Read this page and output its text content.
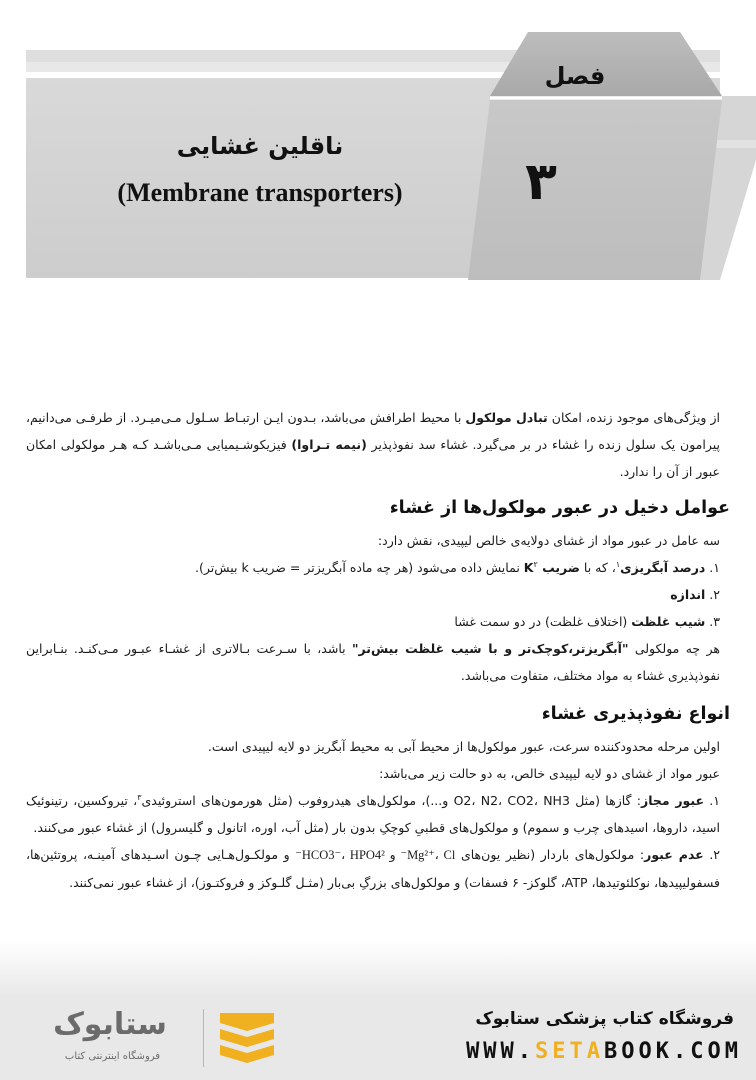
فصل
۳
ناقلین غشایی
(Membrane transporters)

از ویژگی‌های موجود زنده، امکان تبادل مولکول با محیط اطرافش می‌باشد، بـدون ایـن ارتبـاط سـلول مـی‌میـرد. از طرفـی می‌دانیم، پیرامون یک سلول زنده را غشاء در بر می‌گیرد. غشاء سد نفوذپذیر (نیمه تـراوا) فیزیکوشـیمیایی مـی‌باشـد کـه هـر مولکولی امکان عبور از آن را ندارد.

عوامل دخیل در عبور مولکول‌ها از غشاء

سه عامل در عبور مواد از غشای دولایه‌ی خالص لیپیدی، نقش دارد:

۱. درصد آبگریزی$^۱$، که با ضریب $K^۲$ نمایش داده می‌شود (هر چه ماده آبگریزتر = ضریب k بیش‌تر).

۲. اندازه

۳. شیب غلظت (اختلاف غلظت) در دو سمت غشا

هر چه مولکولی "آبگریزتر،کوچک‌تر و با شیب غلظت بیش‌تر" باشد، با سـرعت بـالاتری از غشـاء عبـور مـی‌کنـد. بنـابراین نفوذپذیری غشاء به مواد مختلف، متفاوت می‌باشد.

انواع نفوذپذیری غشاء

اولین مرحله محدودکننده سرعت، عبور مولکول‌ها از محیط آبی به محیط آبگریز دو لایه لیپیدی است.

عبور مواد از غشای دو لایه لیپیدی خالص، به دو حالت زیر می‌باشد:

۱. عبور مجاز: گازها (مثل O2، N2، CO2، NH3 و...)، مولکول‌های هیدروفوب (مثل هورمون‌های استروئیدی$^۳$، تیروکسین، رتینوئیک اسید، داروها، اسیدهای چرب و سموم) و مولکول‌های قطبیِ کوچکِ بدون بار (مثل آب، اوره، اتانول و گلیسرول) از غشاء عبور می‌کنند.

۲. عدم عبور: مولکول‌های باردار (نظیر یون‌های Mg²⁺، Cl⁻ و HCO3⁻، HPO4²⁻ و مولکـول‌هـایی چـون اسـیدهای آمینـه، پروتئین‌ها، فسفولیپیدها، نوکلئوتیدها، ATP، گلوکز- ۶ فسفات) و مولکول‌های بزرگِ بی‌بار (مثـل گلـوکز و فروکتـوز)، از غشاء عبور نمی‌کنند.

ستابوک
فروشگاه اینترنتی کتاب
فروشگاه کتاب پزشکی ستابوک
WWW.SETABOOK.COM
